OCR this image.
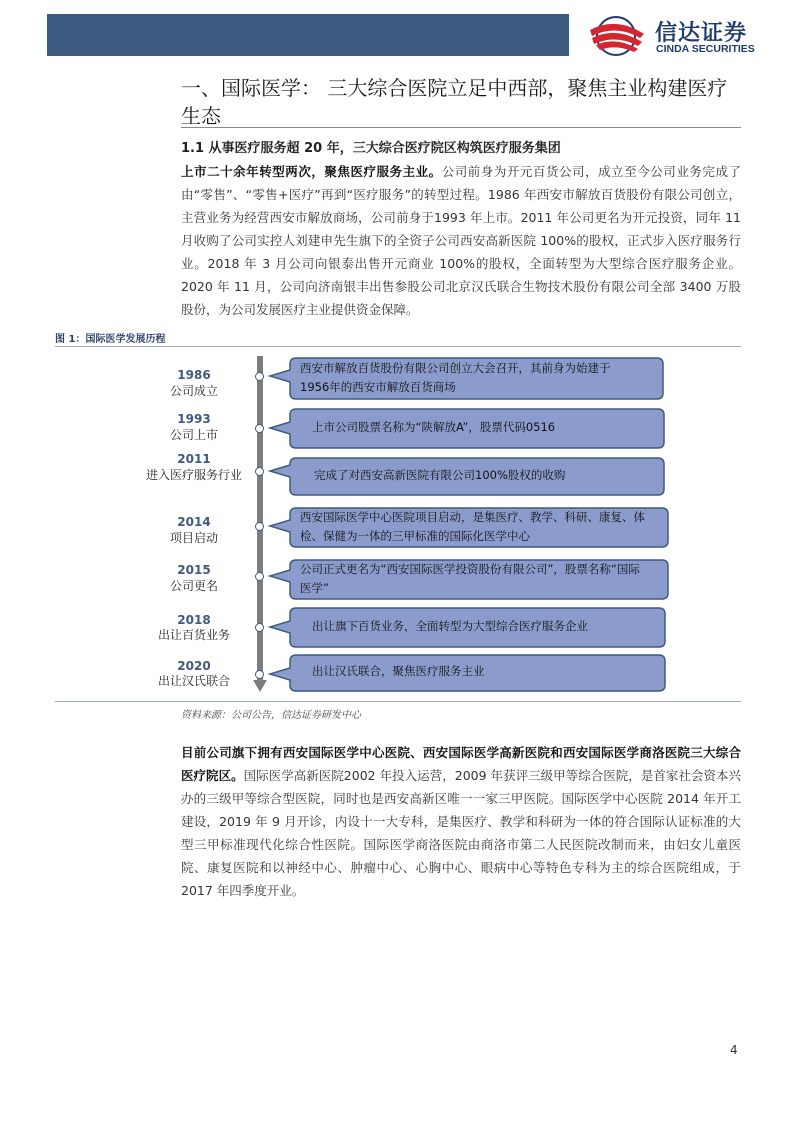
信达证券
CINDA SECURITIES
一、国际医学： 三大综合医院立足中西部，聚焦主业构建医疗
生态
1.1 从事医疗服务超 20 年，三大综合医疗院区构筑医疗服务集团
上市二十余年转型两次，聚焦医疗服务主业。公司前身为开元百货公司，成立至今公司业务完成了由“零售”、“零售+医疗”再到“医疗服务”的转型过程。1986 年西安市解放百货股份有限公司创立，主营业务为经营西安市解放商场，公司前身于1993 年上市。2011 年公司更名为开元投资，同年 11 月收购了公司实控人刘建申先生旗下的全资子公司西安高新医院 100%的股权，正式步入医疗服务行业。2018 年 3 月公司向银泰出售开元商业 100%的股权，全面转型为大型综合医疗服务企业。2020 年 11 月，公司向济南银丰出售参股公司北京汉氏联合生物技术股份有限公司全部 3400 万股股份，为公司发展医疗主业提供资金保障。
图 1：国际医学发展历程
1986
公司成立
西安市解放百货股份有限公司创立大会召开，其前身为始建于1956年的西安市解放百货商场
1993
公司上市
上市公司股票名称为“陕解放A”，股票代码0516
2011
进入医疗服务行业	完成了对西安高新医院有限公司100%股权的收购
2014
项目启动
西安国际医学中心医院项目启动，是集医疗、教学、科研、康复、体检、保健为一体的三甲标准的国际化医学中心
2015
公司更名
公司正式更名为“西安国际医学投资股份有限公司”，股票名称“国际医学”
2018
出让百货业务
出让旗下百货业务，全面转型为大型综合医疗服务企业
2020
出让汉氏联合
出让汉氏联合，聚焦医疗服务主业
资料来源：公司公告，信达证券研发中心
目前公司旗下拥有西安国际医学中心医院、西安国际医学高新医院和西安国际医学商洛医院三大综合医疗院区。国际医学高新医院2002 年投入运营，2009 年获评三级甲等综合医院，是首家社会资本兴办的三级甲等综合型医院，同时也是西安高新区唯一一家三甲医院。国际医学中心医院 2014 年开工建设，2019 年 9 月开诊，内设十一大专科，是集医疗、教学和科研为一体的符合国际认证标准的大型三甲标准现代化综合性医院。国际医学商洛医院由商洛市第二人民医院改制而来，由妇女儿童医院、康复医院和以神经中心、肿瘤中心、心胸中心、眼病中心等特色专科为主的综合医院组成，于 2017 年四季度开业。
4
